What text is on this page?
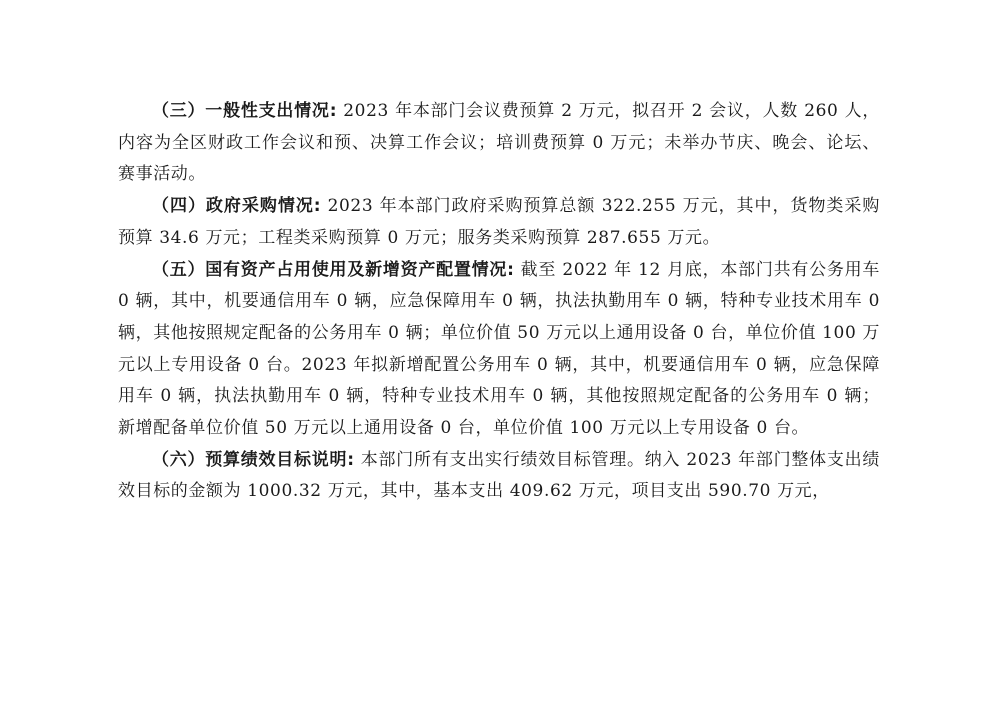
（三）一般性支出情况: 2023 年本部门会议费预算 2 万元，拟召开 2 会议，人数 260 人，内容为全区财政工作会议和预、决算工作会议；培训费预算 0 万元；未举办节庆、晚会、论坛、赛事活动。

（四）政府采购情况: 2023 年本部门政府采购预算总额 322.255 万元，其中，货物类采购预算 34.6 万元；工程类采购预算 0 万元；服务类采购预算 287.655 万元。

（五）国有资产占用使用及新增资产配置情况: 截至 2022 年 12 月底，本部门共有公务用车 0 辆，其中，机要通信用车 0 辆，应急保障用车 0 辆，执法执勤用车 0 辆，特种专业技术用车 0 辆，其他按照规定配备的公务用车 0 辆；单位价值 50 万元以上通用设备 0 台，单位价值 100 万元以上专用设备 0 台。2023 年拟新增配置公务用车 0 辆，其中，机要通信用车 0 辆，应急保障用车 0 辆，执法执勤用车 0 辆，特种专业技术用车 0 辆，其他按照规定配备的公务用车 0 辆；新增配备单位价值 50 万元以上通用设备 0 台，单位价值 100 万元以上专用设备 0 台。

（六）预算绩效目标说明: 本部门所有支出实行绩效目标管理。纳入 2023 年部门整体支出绩效目标的金额为 1000.32 万元，其中，基本支出 409.62 万元，项目支出 590.70 万元，
